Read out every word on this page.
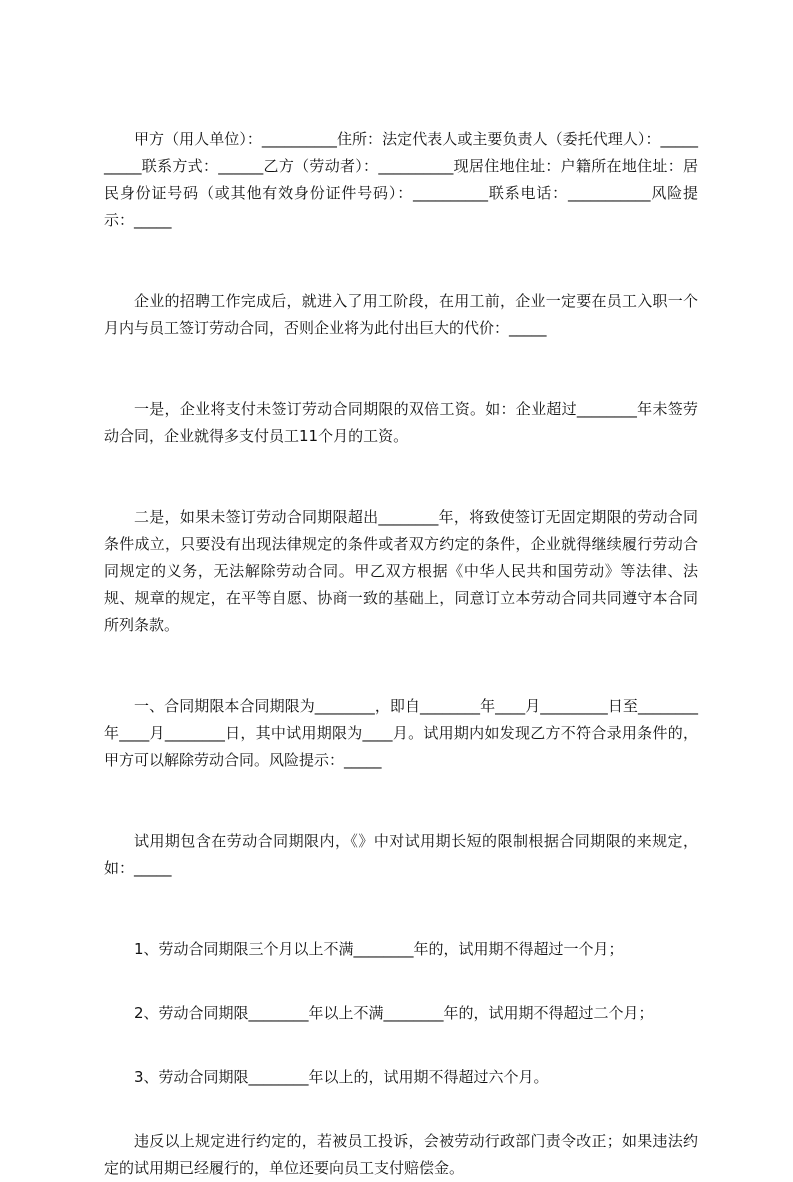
甲方（用人单位）：__________住所：法定代表人或主要负责人（委托代理人）：__________联系方式：______乙方（劳动者）：__________现居住地住址：户籍所在地住址：居民身份证号码（或其他有效身份证件号码）：__________联系电话：___________风险提示：_____

企业的招聘工作完成后，就进入了用工阶段，在用工前，企业一定要在员工入职一个月内与员工签订劳动合同，否则企业将为此付出巨大的代价：_____

一是，企业将支付未签订劳动合同期限的双倍工资。如：企业超过________年未签劳动合同，企业就得多支付员工11个月的工资。

二是，如果未签订劳动合同期限超出________年，将致使签订无固定期限的劳动合同条件成立，只要没有出现法律规定的条件或者双方约定的条件，企业就得继续履行劳动合同规定的义务，无法解除劳动合同。甲乙双方根据《中华人民共和国劳动》等法律、法规、规章的规定，在平等自愿、协商一致的基础上，同意订立本劳动合同共同遵守本合同所列条款。

一、合同期限本合同期限为________，即自________年____月_________日至________年____月________日，其中试用期限为____月。试用期内如发现乙方不符合录用条件的，甲方可以解除劳动合同。风险提示：_____

试用期包含在劳动合同期限内，《》中对试用期长短的限制根据合同期限的来规定，如：_____

1、劳动合同期限三个月以上不满________年的，试用期不得超过一个月；

2、劳动合同期限________年以上不满________年的，试用期不得超过二个月；

3、劳动合同期限________年以上的，试用期不得超过六个月。

违反以上规定进行约定的，若被员工投诉，会被劳动行政部门责令改正；如果违法约定的试用期已经履行的，单位还要向员工支付赔偿金。
